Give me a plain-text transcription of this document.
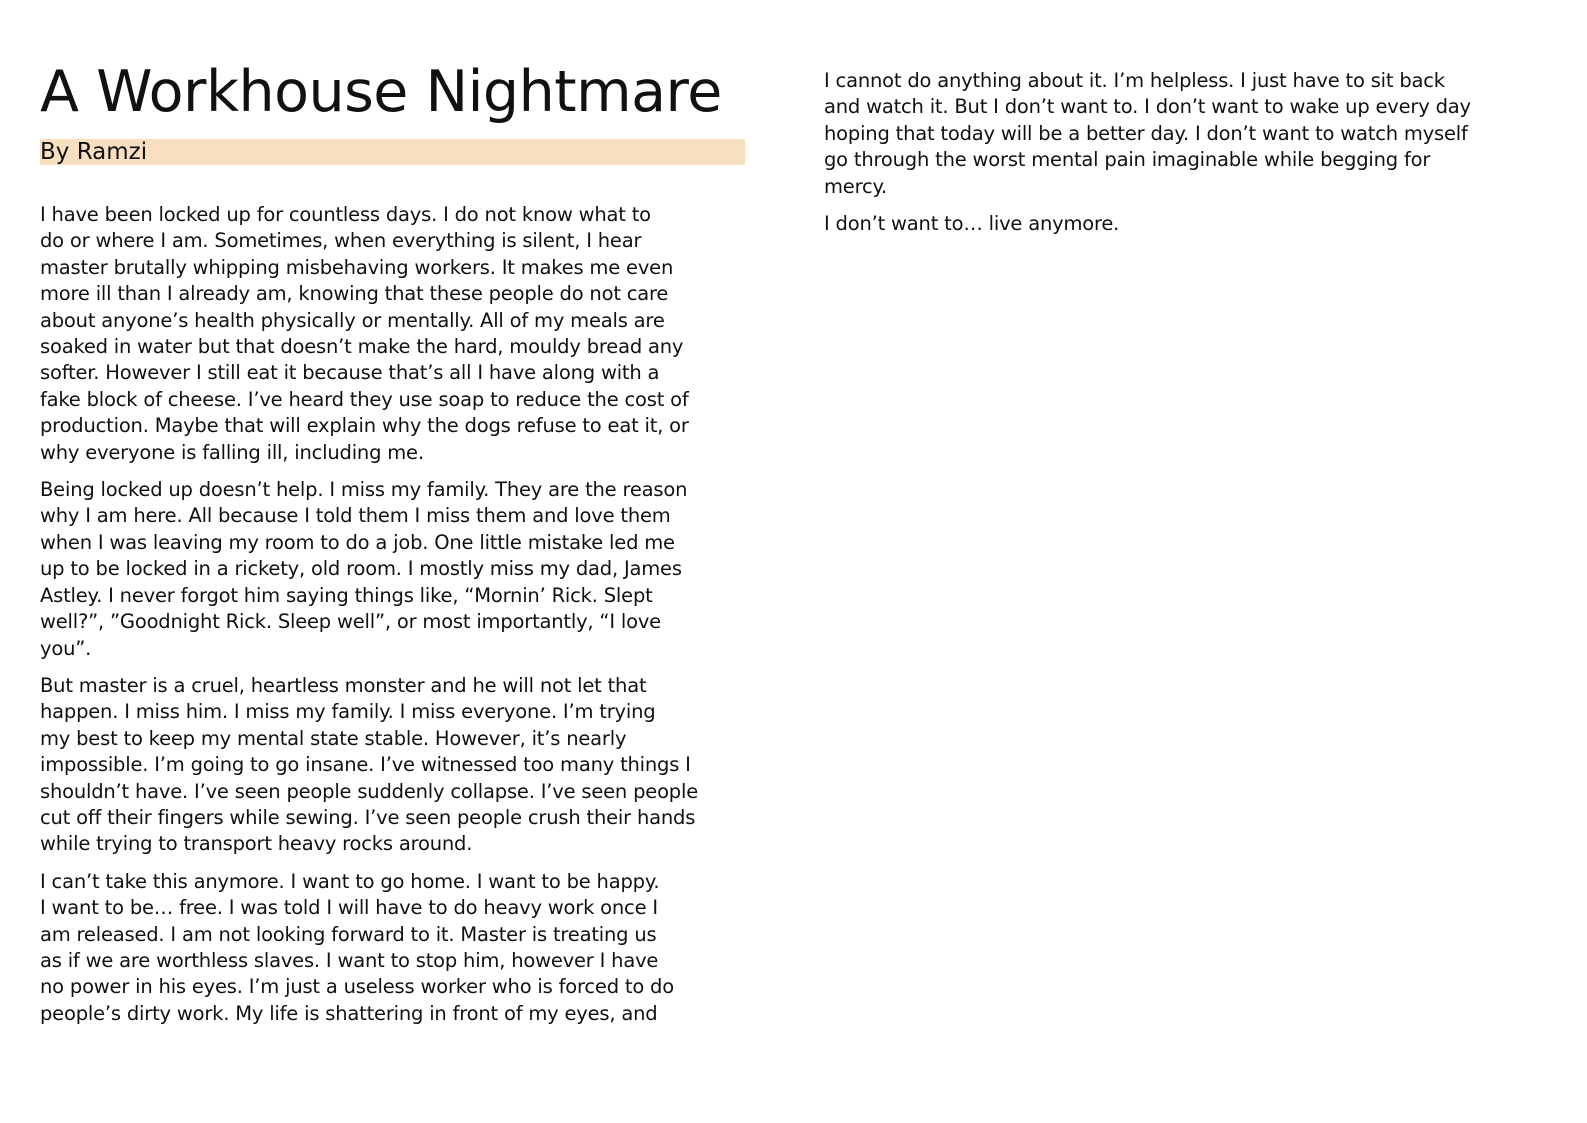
A Workhouse Nightmare
By Ramzi

I have been locked up for countless days. I do not know what to
do or where I am. Sometimes, when everything is silent, I hear
master brutally whipping misbehaving workers. It makes me even
more ill than I already am, knowing that these people do not care
about anyone’s health physically or mentally. All of my meals are
soaked in water but that doesn’t make the hard, mouldy bread any
softer. However I still eat it because that’s all I have along with a
fake block of cheese. I’ve heard they use soap to reduce the cost of
production. Maybe that will explain why the dogs refuse to eat it, or
why everyone is falling ill, including me.

Being locked up doesn’t help. I miss my family. They are the reason
why I am here. All because I told them I miss them and love them
when I was leaving my room to do a job. One little mistake led me
up to be locked in a rickety, old room. I mostly miss my dad, James
Astley. I never forgot him saying things like, “Mornin’ Rick. Slept
well?”, ”Goodnight Rick. Sleep well”, or most importantly, “I love
you”.

But master is a cruel, heartless monster and he will not let that
happen. I miss him. I miss my family. I miss everyone. I’m trying
my best to keep my mental state stable. However, it’s nearly
impossible. I’m going to go insane. I’ve witnessed too many things I
shouldn’t have. I’ve seen people suddenly collapse. I’ve seen people
cut off their fingers while sewing. I’ve seen people crush their hands
while trying to transport heavy rocks around.

I can’t take this anymore. I want to go home. I want to be happy.
I want to be… free. I was told I will have to do heavy work once I
am released. I am not looking forward to it. Master is treating us
as if we are worthless slaves. I want to stop him, however I have
no power in his eyes. I’m just a useless worker who is forced to do
people’s dirty work. My life is shattering in front of my eyes, and

I cannot do anything about it. I’m helpless. I just have to sit back
and watch it. But I don’t want to. I don’t want to wake up every day
hoping that today will be a better day. I don’t want to watch myself
go through the worst mental pain imaginable while begging for
mercy.

I don’t want to… live anymore.
